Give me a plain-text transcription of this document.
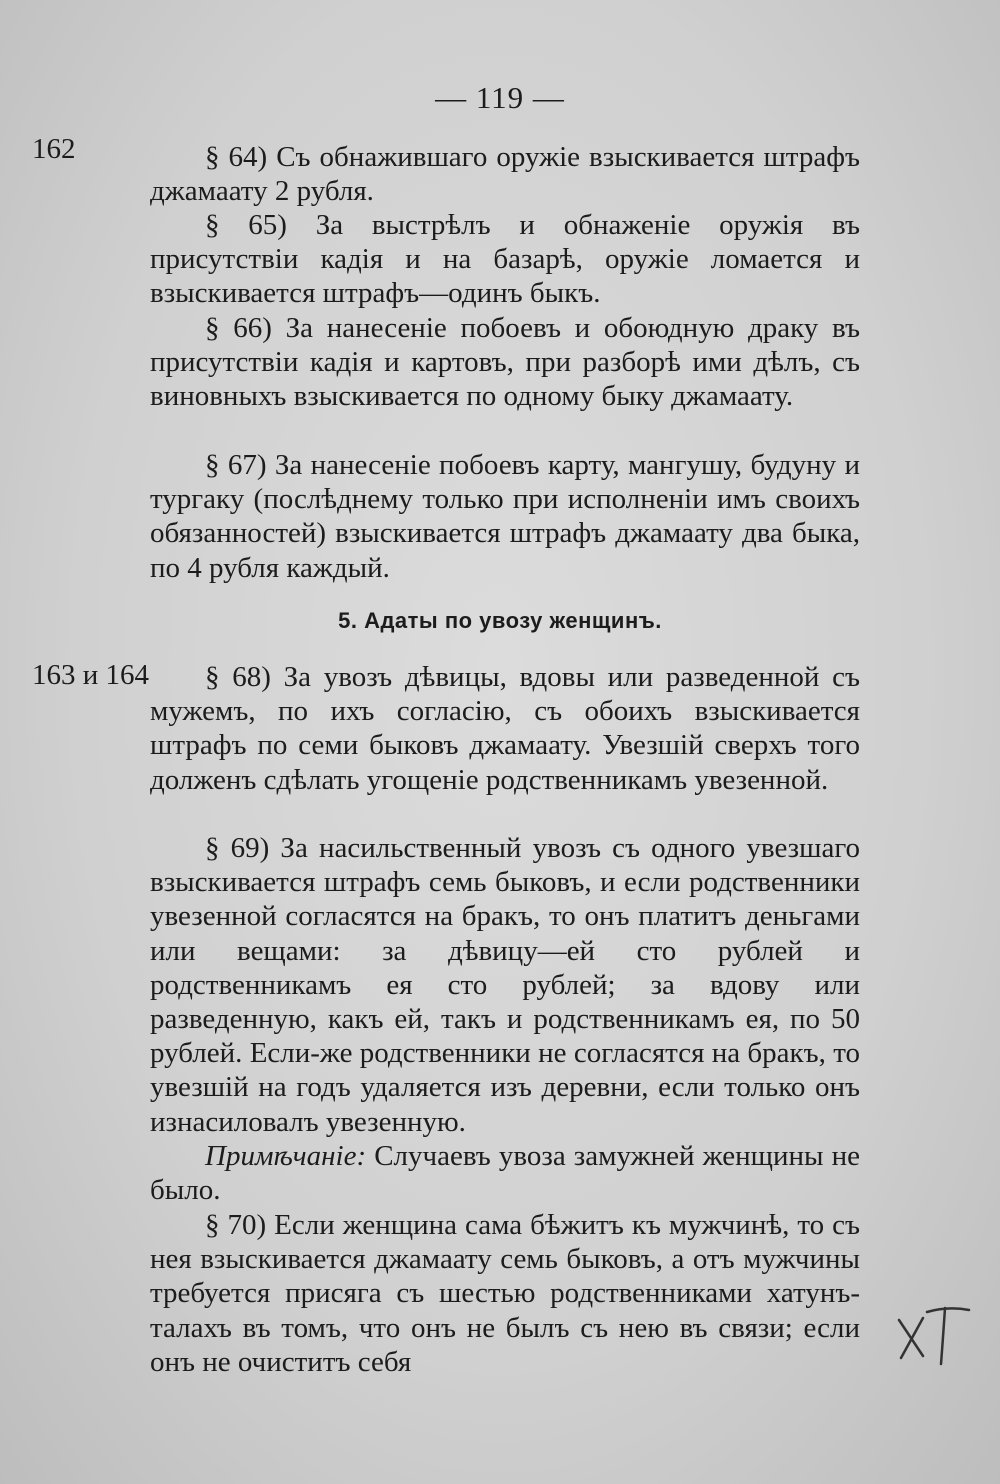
— 119 —
162	§ 64) Съ обнажившаго оружіе взыскивается штрафъ джамаату 2 рубля.

§ 65) За выстрѣлъ и обнаженіе оружія въ присутствіи кадія и на базарѣ, оружіе ломается и взыскивается штрафъ—одинъ быкъ.

§ 66) За нанесеніе побоевъ и обоюдную драку въ присутствіи кадія и картовъ, при разборѣ ими дѣлъ, съ виновныхъ взыскивается по одному быку джамаату.

§ 67) За нанесеніе побоевъ карту, мангушу, будуну и тургаку (послѣднему только при исполненіи имъ своихъ обязанностей) взыскивается штрафъ джамаату два быка, по 4 рубля каждый.

5. Адаты по увозу женщинъ.
163 и 164	§ 68) За увозъ дѣвицы, вдовы или разведенной съ мужемъ, по ихъ согласію, съ обоихъ взыскивается штрафъ по семи быковъ джамаату. Увезшій сверхъ того долженъ сдѣлать угощеніе родственникамъ увезенной.

§ 69) За насильственный увозъ съ одного увезшаго взыскивается штрафъ семь быковъ, и если родственники увезенной согласятся на бракъ, то онъ платитъ деньгами или вещами: за дѣвицу—ей сто рублей и родственникамъ ея сто рублей; за вдову или разведенную, какъ ей, такъ и родственникамъ ея, по 50 рублей. Если-же родственники не согласятся на бракъ, то увезшій на годъ удаляется изъ деревни, если только онъ изнасиловалъ увезенную.

Примѣчаніе: Случаевъ увоза замужней женщины не было.

§ 70) Если женщина сама бѣжитъ къ мужчинѣ, то съ нея взыскивается джамаату семь быковъ, а отъ мужчины требуется присяга съ шестью родственниками хатунъ-талахъ въ томъ, что онъ не былъ съ нею въ связи; если онъ не очиститъ себя
